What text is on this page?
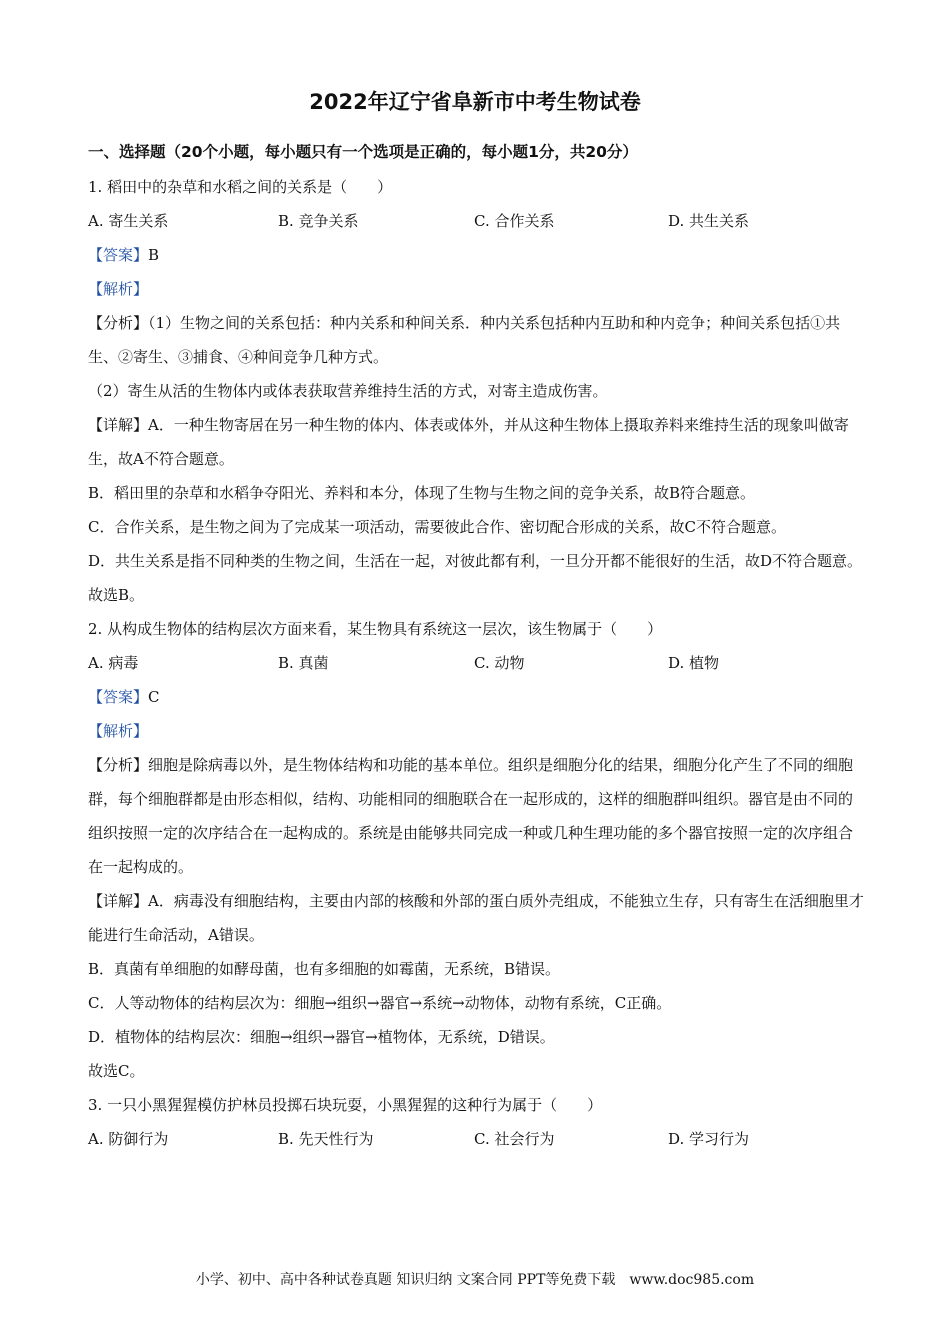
2022年辽宁省阜新市中考生物试卷
一、选择题（20个小题，每小题只有一个选项是正确的，每小题1分，共20分）
1. 稻田中的杂草和水稻之间的关系是（　　）
A. 寄生关系	B. 竞争关系	C. 合作关系	D. 共生关系
【答案】B
【解析】
【分析】（1）生物之间的关系包括：种内关系和种间关系．种内关系包括种内互助和种内竞争；种间关系包括①共生、②寄生、③捕食、④种间竞争几种方式。
（2）寄生从活的生物体内或体表获取营养维持生活的方式，对寄主造成伤害。
【详解】A．一种生物寄居在另一种生物的体内、体表或体外，并从这种生物体上摄取养料来维持生活的现象叫做寄生，故A不符合题意。
B．稻田里的杂草和水稻争夺阳光、养料和本分，体现了生物与生物之间的竞争关系，故B符合题意。
C．合作关系，是生物之间为了完成某一项活动，需要彼此合作、密切配合形成的关系，故C不符合题意。
D．共生关系是指不同种类的生物之间，生活在一起，对彼此都有利，一旦分开都不能很好的生活，故D不符合题意。
故选B。
2. 从构成生物体的结构层次方面来看，某生物具有系统这一层次，该生物属于（　　）
A. 病毒	B. 真菌	C. 动物	D. 植物
【答案】C
【解析】
【分析】细胞是除病毒以外，是生物体结构和功能的基本单位。组织是细胞分化的结果，细胞分化产生了不同的细胞群，每个细胞群都是由形态相似，结构、功能相同的细胞联合在一起形成的，这样的细胞群叫组织。器官是由不同的组织按照一定的次序结合在一起构成的。系统是由能够共同完成一种或几种生理功能的多个器官按照一定的次序组合在一起构成的。
【详解】A．病毒没有细胞结构，主要由内部的核酸和外部的蛋白质外壳组成，不能独立生存，只有寄生在活细胞里才能进行生命活动，A错误。
B．真菌有单细胞的如酵母菌，也有多细胞的如霉菌，无系统，B错误。
C．人等动物体的结构层次为：细胞→组织→器官→系统→动物体，动物有系统，C正确。
D．植物体的结构层次：细胞→组织→器官→植物体，无系统，D错误。
故选C。
3. 一只小黑猩猩模仿护林员投掷石块玩耍，小黑猩猩的这种行为属于（　　）
A. 防御行为	B. 先天性行为	C. 社会行为	D. 学习行为
小学、初中、高中各种试卷真题 知识归纳 文案合同 PPT等免费下载　www.doc985.com
